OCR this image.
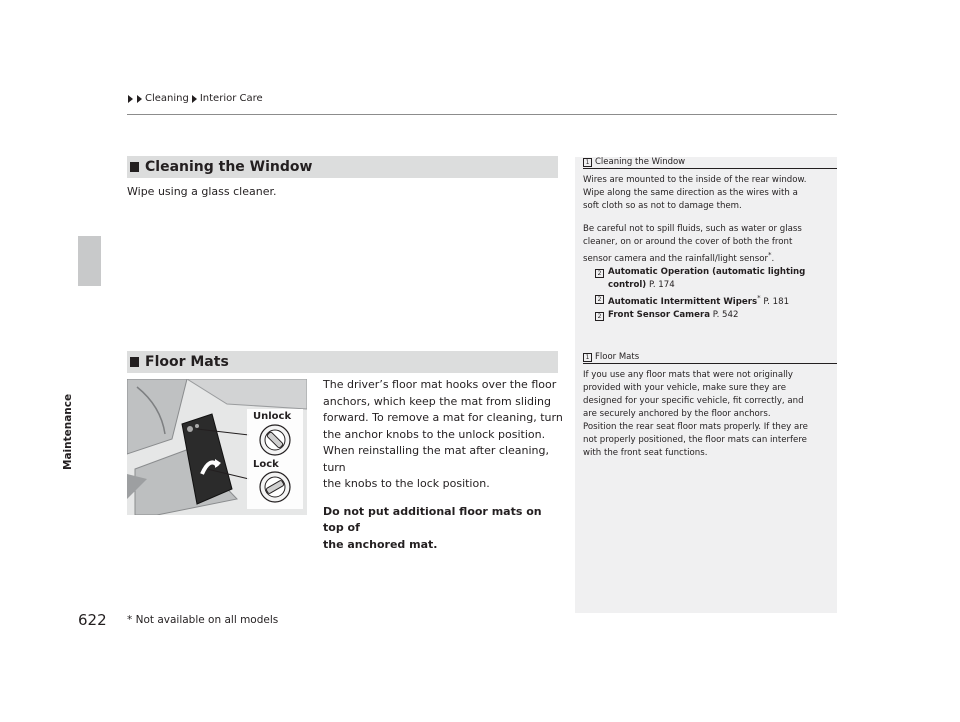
Cleaning Interior Care
Maintenance
Cleaning the Window
Wipe using a glass cleaner.
1 Cleaning the Window
Wires are mounted to the inside of the rear window.
Wipe along the same direction as the wires with a
soft cloth so as not to damage them.
Be careful not to spill fluids, such as water or glass
cleaner, on or around the cover of both the front
sensor camera and the rainfall/light sensor*.
2 Automatic Operation (automatic lighting
control) P. 174
2 Automatic Intermittent Wipers* P. 181
2 Front Sensor Camera P. 542
Floor Mats	1 Floor Mats
If you use any floor mats that were not originally
provided with your vehicle, make sure they are
designed for your specific vehicle, fit correctly, and
are securely anchored by the floor anchors.
Position the rear seat floor mats properly. If they are
not properly positioned, the floor mats can interfere
with the front seat functions.
Unlock
Lock
The driver’s floor mat hooks over the floor
anchors, which keep the mat from sliding
forward. To remove a mat for cleaning, turn
the anchor knobs to the unlock position.
When reinstalling the mat after cleaning, turn
the knobs to the lock position.
Do not put additional floor mats on top of
the anchored mat.
622 * Not available on all models
